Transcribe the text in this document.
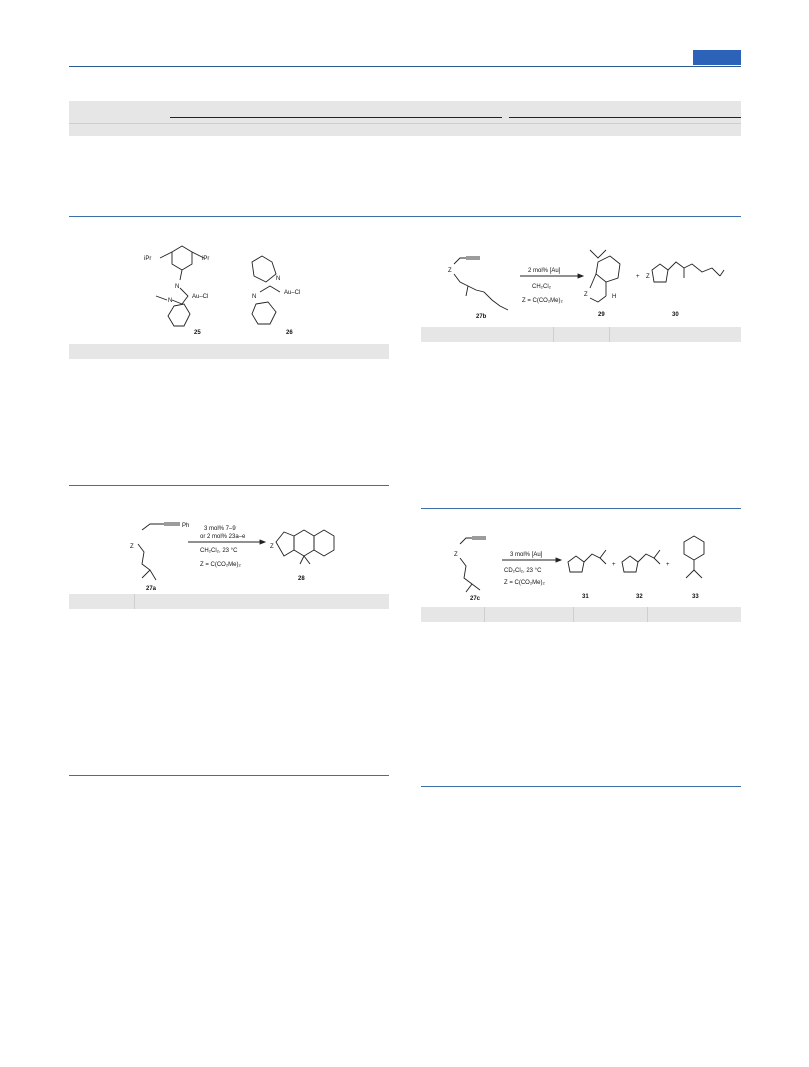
iPr	iPr
N
N
Au–Cl
25
N
N
Au–Cl
26
Ph
Z
27a
3 mol% 7–9
or 2 mol% 23a–e
CH₂Cl₂, 23 °C
Z = C(CO₂Me)₂
Z
28
Z
27b
2 mol% [Au]
CH₂Cl₂
Z = C(CO₂Me)₂
Z	H
29
+ Z
30
Z
27c
3 mol% [Au]
CD₂Cl₂, 23 °C
Z = C(CO₂Me)₂
31
+
32
+
33
